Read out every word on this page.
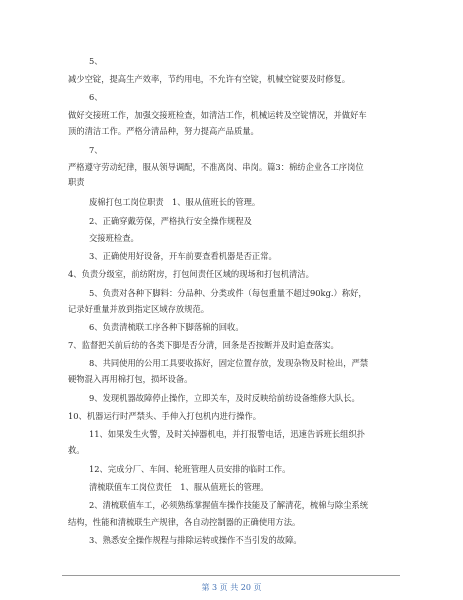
5、
减少空锭，提高生产效率，节约用电，不允许有空锭，机械空锭要及时修复。
6、
做好交接班工作，加强交接班检查，如清洁工作，机械运转及空锭情况，并做好车
顶的清洁工作。严格分清品种，努力提高产品质量。
7、
严格遵守劳动纪律，服从领导调配，不准离岗、串岗。篇3：棉纺企业各工序岗位
职责
废棉打包工岗位职责　1、服从值班长的管理。
2、正确穿戴劳保，严格执行安全操作规程及
交接班检查。
3、正确使用好设备，开车前要查看机器是否正常。
4、负责分级室，前纺附房，打包间责任区域的现场和打包机清洁。
5、负责对各种下脚料：分品种、分类或件（每包重量不超过90kg.）称好，
记录好重量并放到指定区域存放规范。
6、负责清梳联工序各种下脚落棉的回收。
7、监督把关前后纺的各类下脚是否分清，回条是否按断并及时追查落实。
8、共同使用的公用工具要收拣好，固定位置存放，发现杂物及时检出，严禁
硬物混入再用棉打包，损坏设备。
9、发现机器故障停止操作，立即关车，及时反映给前纺设备维修大队长。
10、机器运行时严禁头、手伸入打包机内进行操作。
11、如果发生火警，及时关掉器机电，并打报警电话，迅速告诉班长组织扑
救。
12、完成分厂、车间、轮班管理人员安排的临时工作。
清梳联值车工岗位责任　1、服从值班长的管理。
2、清梳联值车工，必须熟练掌握值车操作技能及了解清花，梳棉与除尘系统
结构，性能和清梳联生产规律，各自动控制器的正确使用方法。
3、熟悉安全操作规程与排除运转或操作不当引发的故障。
第 3 页 共 20 页
